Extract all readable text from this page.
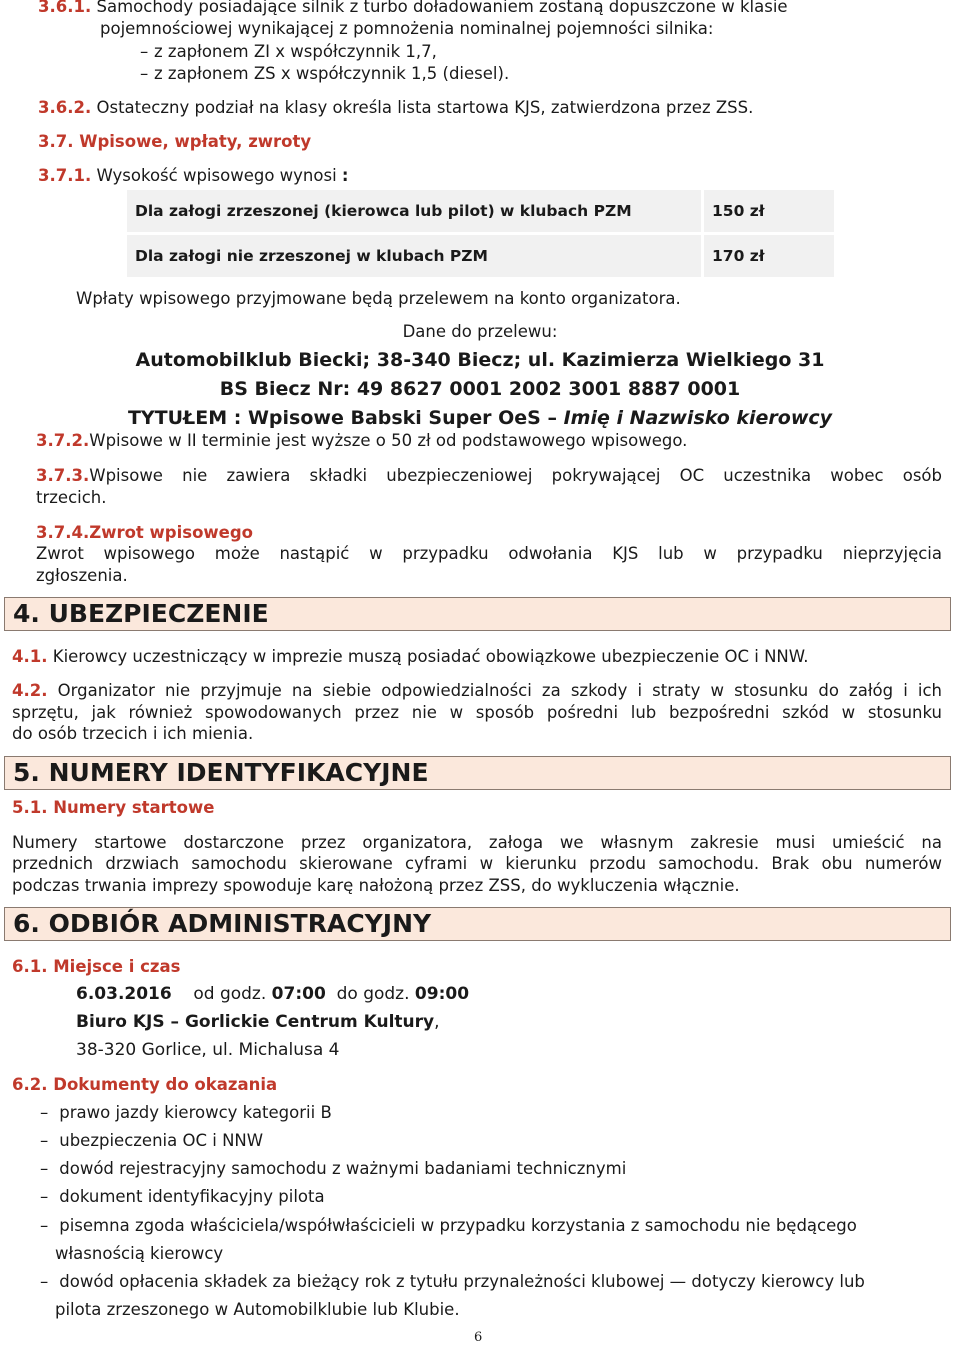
3.6.1. Samochody posiadające silnik z turbo doładowaniem zostaną dopuszczone w klasie
pojemnościowej wynikającej z pomnożenia nominalnej pojemności silnika:
– z zapłonem ZI x współczynnik 1,7,
– z zapłonem ZS x współczynnik 1,5 (diesel).
3.6.2. Ostateczny podział na klasy określa lista startowa KJS, zatwierdzona przez ZSS.
3.7. Wpisowe, wpłaty, zwroty
3.7.1. Wysokość wpisowego wynosi :
Dla załogi zrzeszonej (kierowca lub pilot) w klubach PZM	150 zł
Dla załogi nie zrzeszonej w klubach PZM	170 zł
Wpłaty wpisowego przyjmowane będą przelewem na konto organizatora.
Dane do przelewu:
Automobilklub Biecki; 38-340 Biecz; ul. Kazimierza Wielkiego 31
BS Biecz Nr: 49 8627 0001 2002 3001 8887 0001
TYTUŁEM : Wpisowe Babski Super OeS – Imię i Nazwisko kierowcy
3.7.2.Wpisowe w II terminie jest wyższe o 50 zł od podstawowego wpisowego.
3.7.3.Wpisowe nie zawiera składki ubezpieczeniowej pokrywającej OC uczestnika wobec osób
trzecich.
3.7.4.Zwrot wpisowego
Zwrot wpisowego może nastąpić w przypadku odwołania KJS lub w przypadku nieprzyjęcia
zgłoszenia.
4. UBEZPIECZENIE
4.1. Kierowcy uczestniczący w imprezie muszą posiadać obowiązkowe ubezpieczenie OC i NNW.
4.2. Organizator nie przyjmuje na siebie odpowiedzialności za szkody i straty w stosunku do załóg i ich
sprzętu, jak również spowodowanych przez nie w sposób pośredni lub bezpośredni szkód w stosunku
do osób trzecich i ich mienia.
5. NUMERY IDENTYFIKACYJNE
5.1. Numery startowe
Numery startowe dostarczone przez organizatora, załoga we własnym zakresie musi umieścić na
przednich drzwiach samochodu skierowane cyframi w kierunku przodu samochodu. Brak obu numerów
podczas trwania imprezy spowoduje karę nałożoną przez ZSS, do wykluczenia włącznie.
6. ODBIÓR ADMINISTRACYJNY
6.1. Miejsce i czas
6.03.2016 od godz. 07:00 do godz. 09:00
Biuro KJS – Gorlickie Centrum Kultury,
38-320 Gorlice, ul. Michalusa 4
6.2. Dokumenty do okazania
– prawo jazdy kierowcy kategorii B
– ubezpieczenia OC i NNW
– dowód rejestracyjny samochodu z ważnymi badaniami technicznymi
– dokument identyfikacyjny pilota
– pisemna zgoda właściciela/współwłaścicieli w przypadku korzystania z samochodu nie będącego
własnością kierowcy
– dowód opłacenia składek za bieżący rok z tytułu przynależności klubowej — dotyczy kierowcy lub
pilota zrzeszonego w Automobilklubie lub Klubie.
6
